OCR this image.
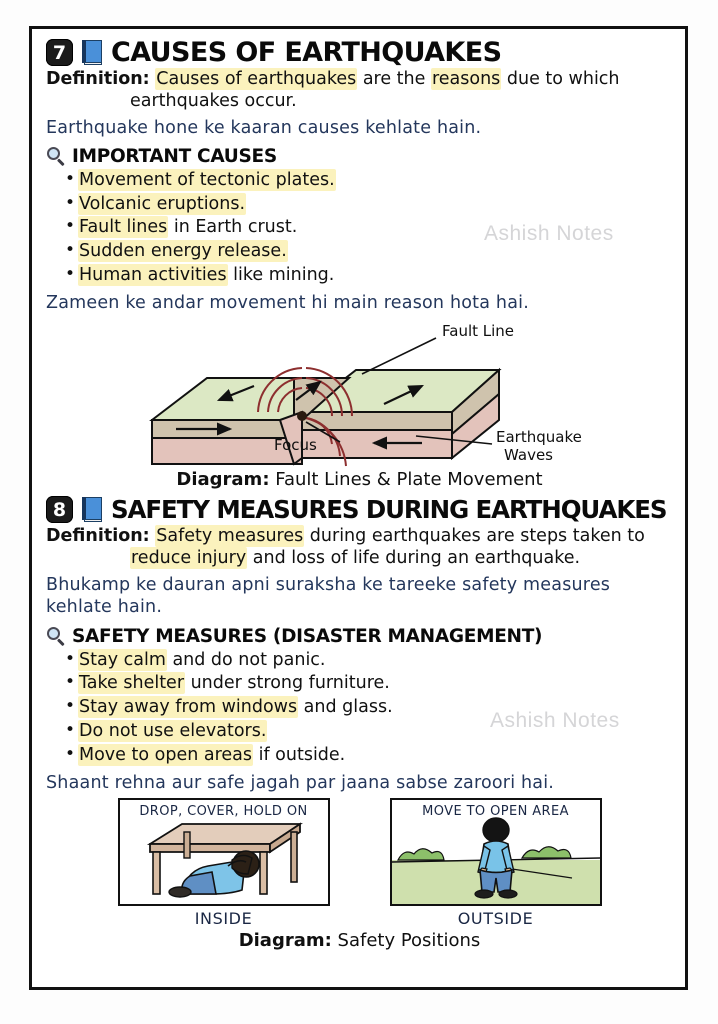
7 CAUSES OF EARTHQUAKES
Definition: Causes of earthquakes are the reasons due to which
earthquakes occur.
Earthquake hone ke kaaran causes kehlate hain.
IMPORTANT CAUSES
• Movement of tectonic plates.
• Volcanic eruptions.
• Fault lines in Earth crust.
• Sudden energy release.
• Human activities like mining.
Zameen ke andar movement hi main reason hota hai.
Fault Line
Focus	Earthquake
Waves
Diagram: Fault Lines & Plate Movement
8 SAFETY MEASURES DURING EARTHQUAKES
Definition: Safety measures during earthquakes are steps taken to
reduce injury and loss of life during an earthquake.
Bhukamp ke dauran apni suraksha ke tareeke safety measures kehlate hain.
SAFETY MEASURES (DISASTER MANAGEMENT)
• Stay calm and do not panic.
• Take shelter under strong furniture.
• Stay away from windows and glass.
• Do not use elevators.
• Move to open areas if outside.
Shaant rehna aur safe jagah par jaana sabse zaroori hai.
DROP, COVER, HOLD ON
INSIDE
MOVE TO OPEN AREA
OUTSIDE
Diagram: Safety Positions
Ashish Notes
Ashish Notes
